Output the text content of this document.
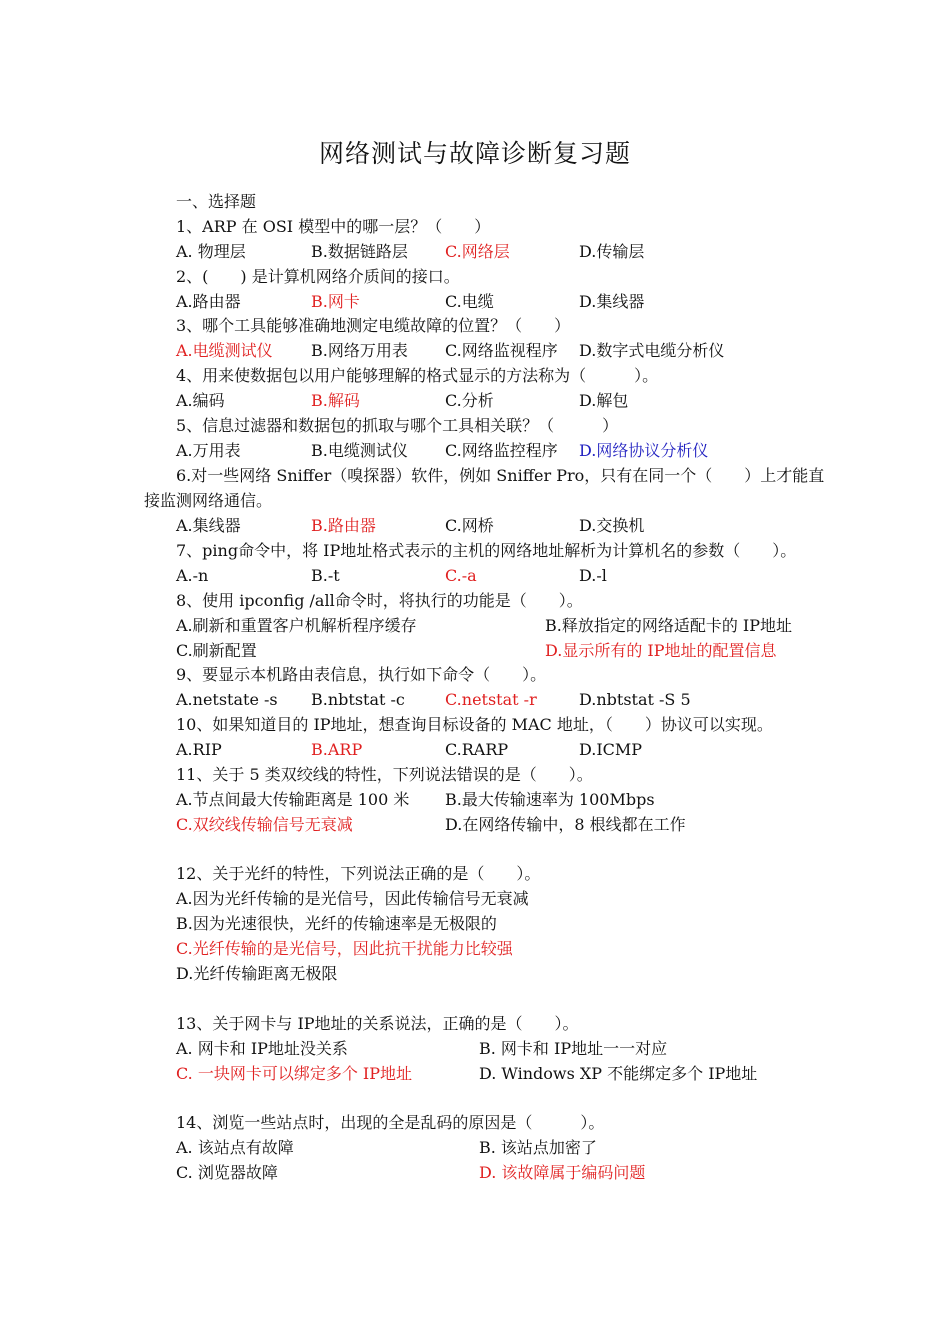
网络测试与故障诊断复习题
一、选择题
1、ARP 在 OSI 模型中的哪一层？（　　）
A. 物理层	B.数据链路层 C.网络层	D.传输层
2、(　　) 是计算机网络介质间的接口。
A.路由器	B.网卡	C.电缆	D.集线器
3、哪个工具能够准确地测定电缆故障的位置？（　　）
A.电缆测试仪 B.网络万用表 C.网络监视程序 D.数字式电缆分析仪
4、用来使数据包以用户能够理解的格式显示的方法称为（　　　）。
A.编码	B.解码	C.分析	D.解包
5、信息过滤器和数据包的抓取与哪个工具相关联？（　　　）
A.万用表	B.电缆测试仪 C.网络监控程序 D.网络协议分析仪
6.对一些网络 Sniffer（嗅探器）软件，例如 Sniffer Pro，只有在同一个（　　）上才能直
接监测网络通信。
A.集线器	B.路由器	C.网桥	D.交换机
7、ping命令中，将 IP地址格式表示的主机的网络地址解析为计算机名的参数（　　）。
A.-n	B.-t	C.-a	D.-l
8、使用 ipconfig /all命令时，将执行的功能是（　　）。
A.刷新和重置客户机解析程序缓存	B.释放指定的网络适配卡的 IP地址
C.刷新配置	D.显示所有的 IP地址的配置信息
9、要显示本机路由表信息，执行如下命令（　　）。
A.netstate -s B.nbtstat -c	C.netstat -r	D.nbtstat -S 5
10、如果知道目的 IP地址，想查询目标设备的 MAC 地址，（　　）协议可以实现。
A.RIP	B.ARP	C.RARP	D.ICMP
11、关于 5 类双绞线的特性，下列说法错误的是（　　）。
A.节点间最大传输距离是 100 米 B.最大传输速率为 100Mbps
C.双绞线传输信号无衰减	D.在网络传输中，8 根线都在工作
12、关于光纤的特性，下列说法正确的是（　　）。
A.因为光纤传输的是光信号，因此传输信号无衰减
B.因为光速很快，光纤的传输速率是无极限的
C.光纤传输的是光信号，因此抗干扰能力比较强
D.光纤传输距离无极限
13、关于网卡与 IP地址的关系说法，正确的是（　　）。
A. 网卡和 IP地址没关系	B. 网卡和 IP地址一一对应
C. 一块网卡可以绑定多个 IP地址	D. Windows XP 不能绑定多个 IP地址
14、浏览一些站点时，出现的全是乱码的原因是（　　　）。
A. 该站点有故障	B. 该站点加密了
C. 浏览器故障	D. 该故障属于编码问题
